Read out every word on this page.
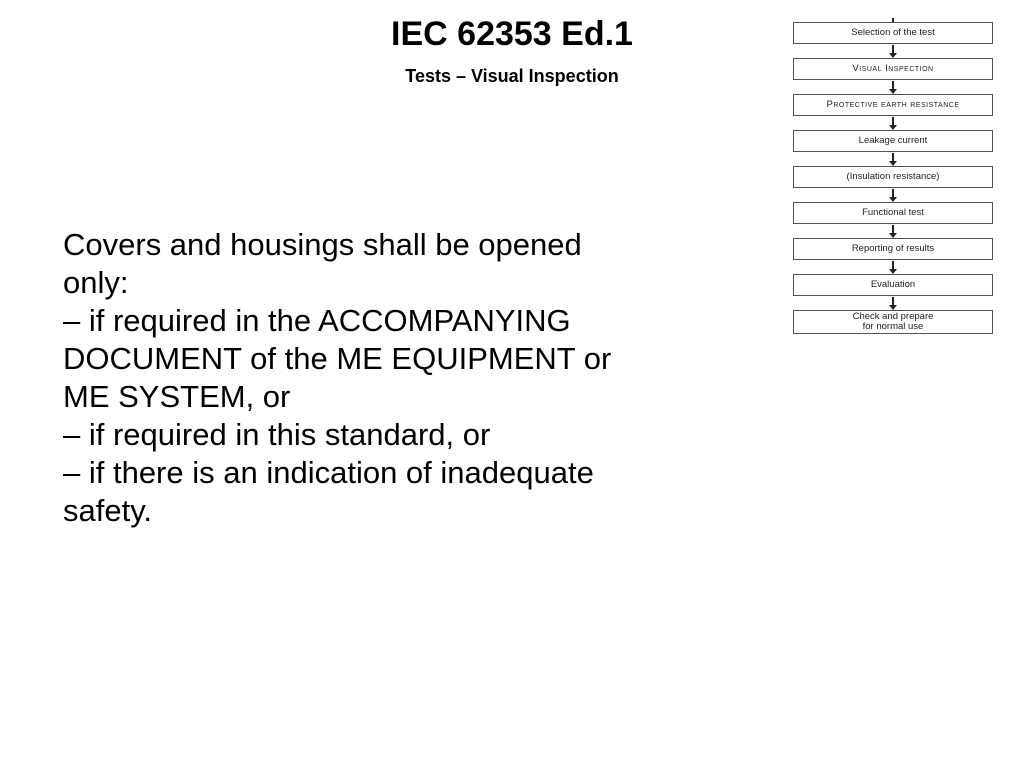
IEC 62353 Ed.1
Tests – Visual Inspection
Covers and housings shall be opened
only:
– if required in the ACCOMPANYING
DOCUMENT of the ME EQUIPMENT or
ME SYSTEM, or
– if required in this standard, or
– if there is an indication of inadequate
safety.
Selection of the test
Visual Inspection
Protective earth resistance
Leakage current
(Insulation resistance)
Functional test
Reporting of results
Evaluation
Check and prepare
for normal use
